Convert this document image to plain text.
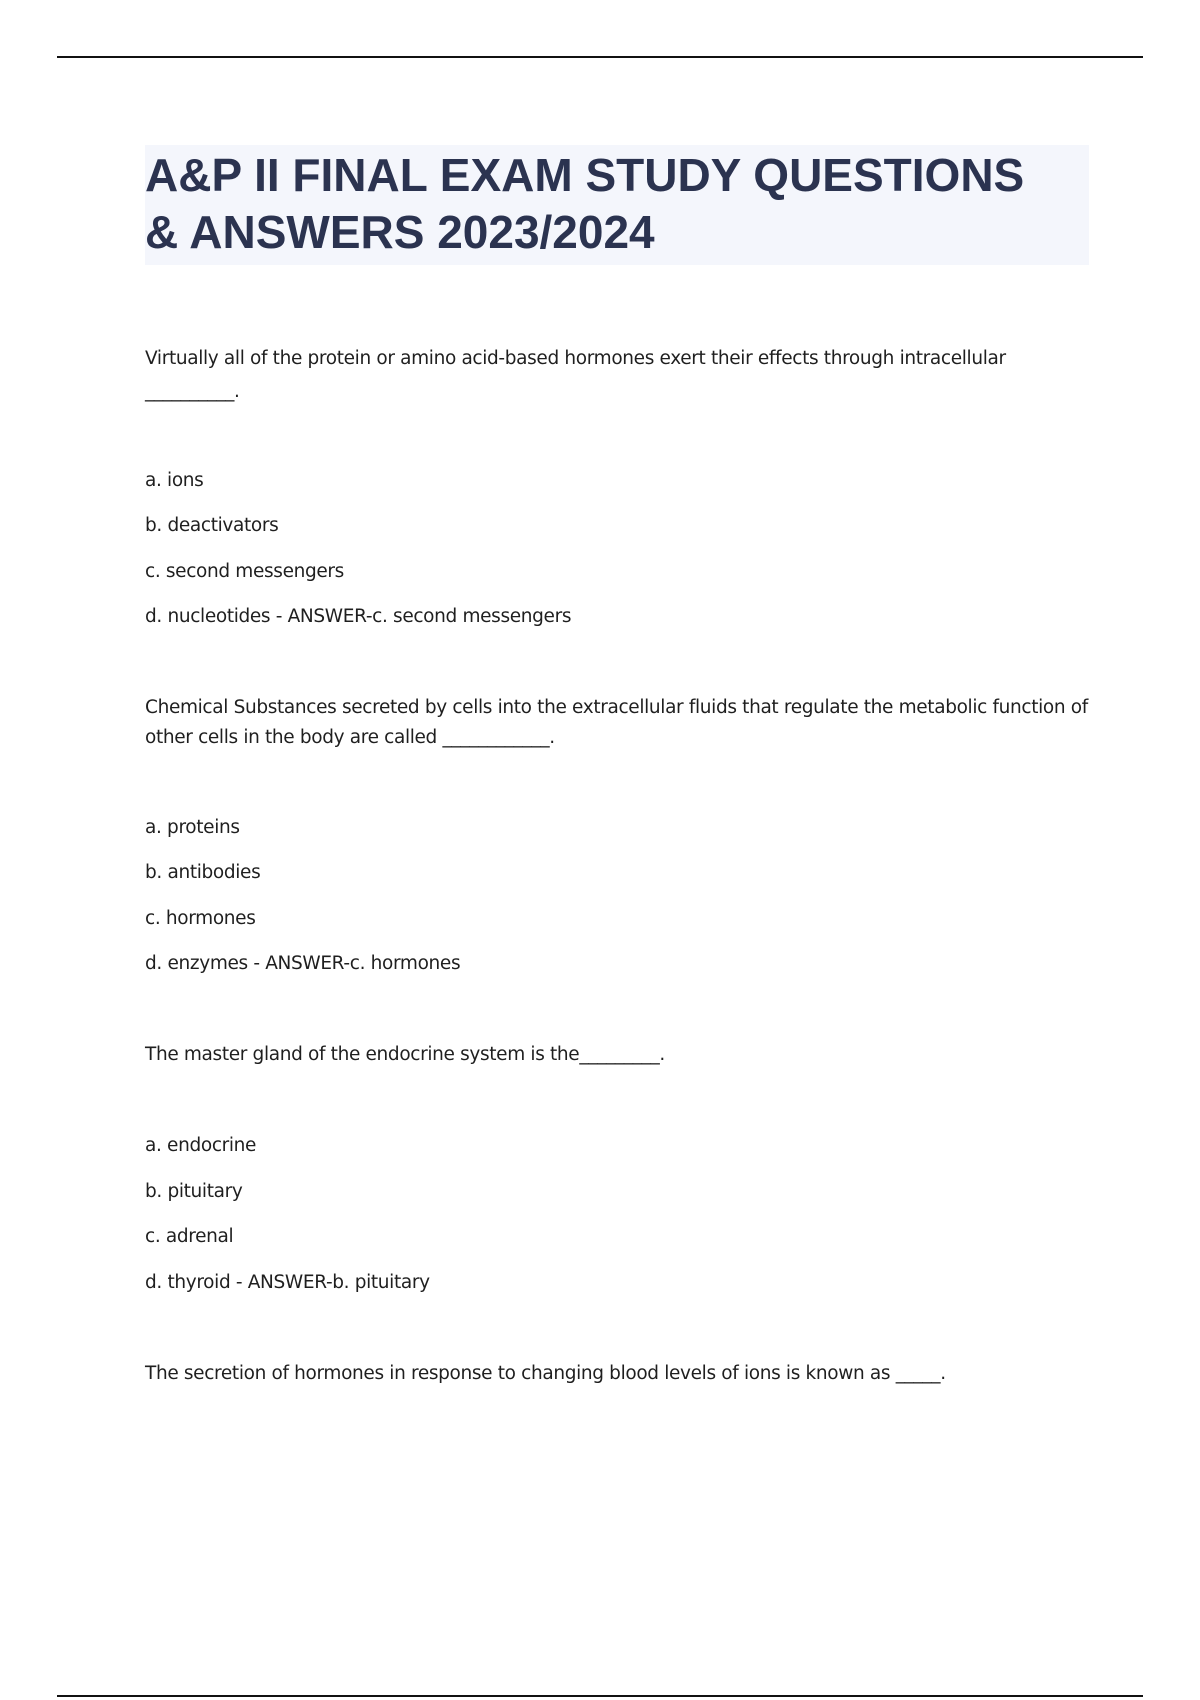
A&P II FINAL EXAM STUDY QUESTIONS
& ANSWERS 2023/2024
Virtually all of the protein or amino acid-based hormones exert their effects through intracellular
__________.
a. ions
b. deactivators
c. second messengers
d. nucleotides - ANSWER-c. second messengers
Chemical Substances secreted by cells into the extracellular fluids that regulate the metabolic function of
other cells in the body are called ____________.
a. proteins
b. antibodies
c. hormones
d. enzymes - ANSWER-c. hormones
The master gland of the endocrine system is the_________.
a. endocrine
b. pituitary
c. adrenal
d. thyroid - ANSWER-b. pituitary
The secretion of hormones in response to changing blood levels of ions is known as _____.
